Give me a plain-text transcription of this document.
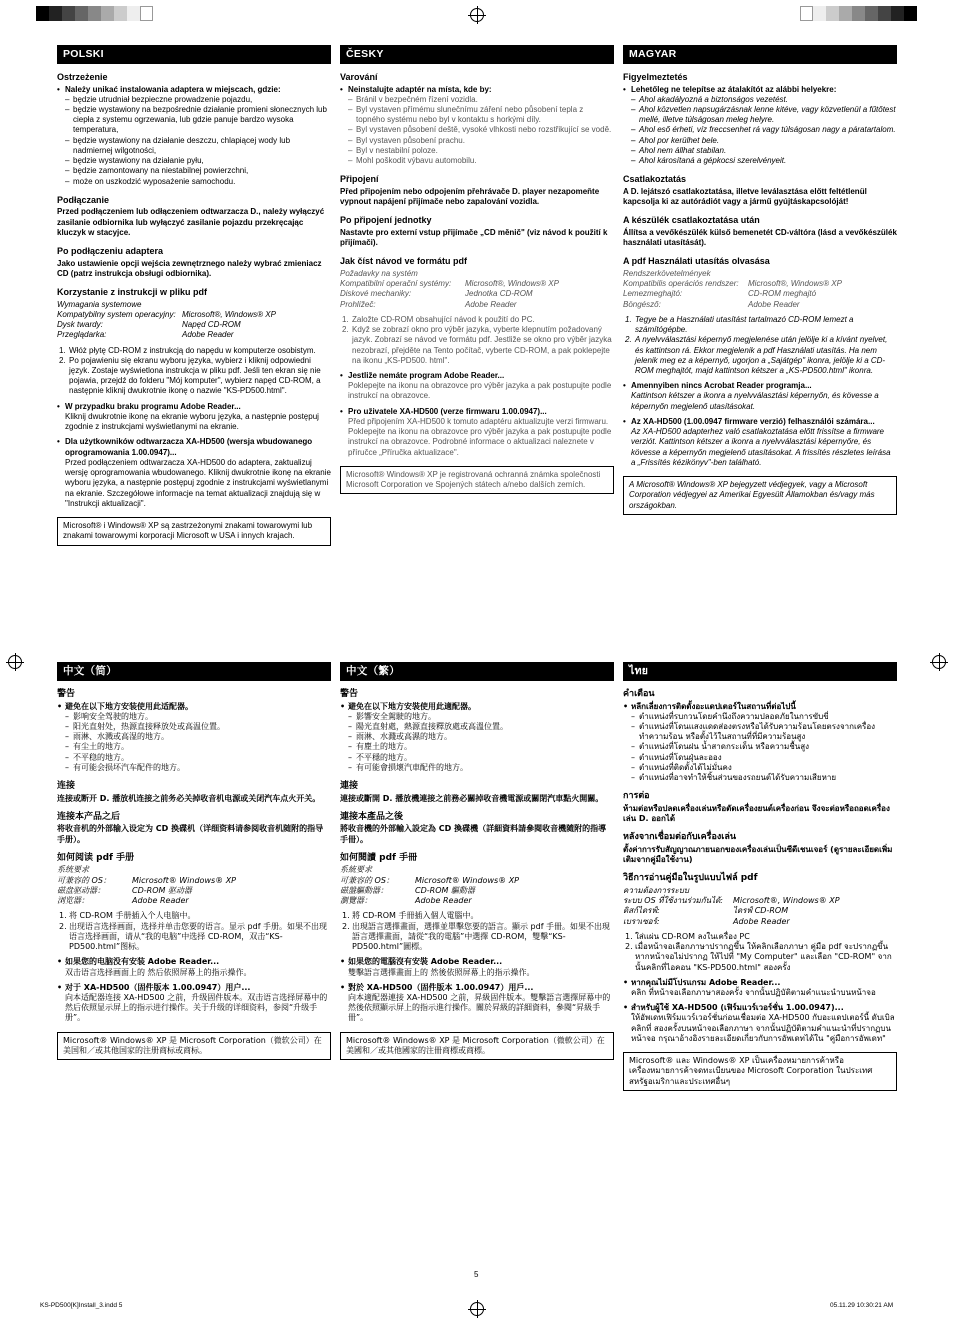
POLSKI
Ostrzeżenie
• Należy unikać instalowania adaptera w miejscach, gdzie:
– będzie utrudniał bezpieczne prowadzenie pojazdu,
– będzie wystawiony na bezpośrednie działanie promieni słonecznych lub ciepła z systemu ogrzewania, lub gdzie panuje bardzo wysoka temperatura,
– będzie wystawiony na działanie deszczu, chlapiącej wody lub nadmiernej wilgotności,
– będzie wystawiony na działanie pyłu,
– będzie zamontowany na niestabilnej powierzchni,
– może on uszkodzić wyposażenie samochodu.
Podłączanie
Przed podłączeniem lub odłączeniem odtwarzacza D., należy wyłączyć zasilanie odbiornika lub wyłączyć zasilanie pojazdu przekręcając kluczyk w stacyjce.
Po podłączeniu adaptera
Jako ustawienie opcji wejścia zewnętrznego należy wybrać zmieniacz CD (patrz instrukcja obsługi odbiornika).
Korzystanie z instrukcji w pliku pdf
Wymagania systemowe
Kompatybilny system operacyjny: Microsoft®, Windows® XP
Dysk twardy:	Napęd CD-ROM
Przeglądarka:	Adobe Reader
1. Włóż płytę CD-ROM z instrukcją do napędu w komputerze osobistym.
2. Po pojawieniu się ekranu wyboru języka, wybierz i kliknij odpowiedni język. Zostaje wyświetlona instrukcja w pliku pdf. Jeśli ten ekran się nie pojawia, przejdź do folderu "Mój komputer", wybierz napęd CD-ROM, a następnie kliknij dwukrotnie ikonę o nazwie "KS-PD500.html".
• W przypadku braku programu Adobe Reader...
Kliknij dwukrotnie ikonę na ekranie wyboru języka, a następnie postępuj zgodnie z instrukcjami wyświetlanymi na ekranie.
• Dla użytkowników odtwarzacza XA-HD500 (wersja wbudowanego oprogramowania 1.00.0947)...
Przed podłączeniem odtwarzacza XA-HD500 do adaptera, zaktualizuj wersję oprogramowania wbudowanego. Kliknij dwukrotnie ikonę na ekranie wyboru języka, a następnie postępuj zgodnie z instrukcjami wyświetlanymi na ekranie. Szczegółowe informacje na temat aktualizacji znajdują się w "Instrukcji aktualizacji".
Microsoft® i Windows® XP są zastrzeżonymi znakami towarowymi lub znakami towarowymi korporacji Microsoft w USA i innych krajach.
ČESKY
Varování
• Neinstalujte adaptér na místa, kde by:
– Bránil v bezpečném řízení vozidla.
– Byl vystaven přímému slunečnímu záření nebo působení tepla z topného systému nebo byl v kontaktu s horkými díly.
– Byl vystaven působení deště, vysoké vlhkosti nebo rozstřikující se vodě.
– Byl vystaven působení prachu.
– Byl v nestabilní poloze.
– Mohl poškodit výbavu automobilu.
Připojení
Před připojením nebo odpojením přehrávače D. player nezapomeňte vypnout napájení přijímače nebo zapalování vozidla.
Po připojení jednotky
Nastavte pro externí vstup přijímače „CD měnič" (viz návod k použití k přijímači).
Jak číst návod ve formátu pdf
Požadavky na systém
Kompatibilní operační systémy:	Microsoft®, Windows® XP
Diskové mechaniky:	Jednotka CD-ROM
Prohlížeč:	Adobe Reader
1. Založte CD-ROM obsahující návod k použití do PC.
2. Když se zobrazí okno pro výběr jazyka, vyberte klepnutím požadovaný jazyk. Zobrazí se návod ve formátu pdf. Jestliže se okno pro výběr jazyka nezobrazí, přejděte na Tento počítač, vyberte CD-ROM, a pak poklepejte na ikonu „KS-PD500. html".
• Jestliže nemáte program Adobe Reader...
Poklepejte na ikonu na obrazovce pro výběr jazyka a pak postupujte podle instrukcí na obrazovce.
• Pro uživatele XA-HD500 (verze firmwaru 1.00.0947)...
Před připojením XA-HD500 k tomuto adaptéru aktualizujte verzi firmwaru. Poklepejte na ikonu na obrazovce pro výběr jazyka a pak postupujte podle instrukcí na obrazovce. Podrobné informace o aktualizaci naleznete v příručce „Příručka aktualizace".
Microsoft® Windows® XP je registrovaná ochranná známka společnosti Microsoft Corporation ve Spojených státech a/nebo dalších zemích.
MAGYAR
Figyelmeztetés
• Lehetőleg ne telepítse az átalakítót az alábbi helyekre:
– Ahol akadályozná a biztonságos vezetést.
– Ahol közvetlen napsugárzásnak lenne kitéve, vagy közvetlenül a fűtőtest mellé, illetve túlságosan meleg helyre.
– Ahol eső érheti, víz freccsenhet rá vagy túlságosan nagy a páratartalom.
– Ahol por kerülhet bele.
– Ahol nem állhat stabilan.
– Ahol károsítaná a gépkocsi szerelvényeit.
Csatlakoztatás
A D. lejátszó csatlakoztatása, illetve leválasztása előtt feltétlenül kapcsolja ki az autórádiót vagy a jármű gyújtáskapcsolóját!
A készülék csatlakoztatása után
Állítsa a vevőkészülék külső bemenetét CD-váltóra (lásd a vevőkészülék használati utasítását).
A pdf Használati utasítás olvasása
Rendszerkövetelmények
Kompatibilis operációs rendszer:	Microsoft®, Windows® XP
Lemezmeghajtó:	CD-ROM meghajtó
Böngésző:	Adobe Reader
1. Tegye be a Használati utasítást tartalmazó CD-ROM lemezt a számítógépbe.
2. A nyelvválasztási képernyő megjelenése után jelölje ki a kívánt nyelvet, és kattintson rá. Ekkor megjelenik a pdf Használati utasítás. Ha nem jelenik meg ez a képernyő, ugorjon a „Sajátgép" ikonra, jelölje ki a CD-ROM meghajtót, majd kattintson kétszer a „KS-PD500.html" ikonra.
• Amennyiben nincs Acrobat Reader programja...
Kattintson kétszer a ikonra a nyelvválasztási képernyőn, és kövesse a képernyőn megjelenő utasításokat.
• Az XA-HD500 (1.00.0947 firmware verzió) felhasználói számára...
Az XA-HD500 adapterhez való csatlakoztatása előtt frissítse a firmware verziót. Kattintson kétszer a ikonra a nyelvválasztási képernyőre, és kövesse a képernyőn megjelenő utasításokat. A frissítés részletes leírása a „Frissítés kézikönyv"-ben található.
A Microsoft® Windows® XP bejegyzett védjegyek, vagy a Microsoft Corporation védjegyei az Amerikai Egyesült Államokban és/vagy más országokban.
中文（简）
警告
• 避免在以下地方安装使用此适配器。
– 影响安全驾驶的地方。
– 阳光直射处，热源直接释放处或高温位置。
– 雨淋、水溅或高湿的地方。
– 有尘土的地方。
– 不平稳的地方。
– 有可能会损坏汽车配件的地方。
连接
连接或断开 D. 播放机连接之前务必关掉收音机电源或关闭汽车点火开关。
连接本产品之后
将收音机的外部输入设定为 CD 换碟机（详细资料请参阅收音机随附的指导手册）。
如何阅读 pdf 手册
系统要求
可兼容的 OS：	Microsoft® Windows® XP
磁盘驱动器：	CD-ROM 驱动器
浏览器：	Adobe Reader
1. 将 CD-ROM 手册插入个人电脑中。
2. 出现语言选择画面，选择并单击您要的语言。显示 pdf 手册。如果不出现语言选择画面，请从“我的电脑”中选择 CD-ROM，双击“KS-PD500.html”图标。
• 如果您的电脑没有安装 Adobe Reader...
双击语言选择画面上的 然后依照屏幕上的指示操作。
• 对于 XA-HD500（固件版本 1.00.0947）用户...
向本适配器连接 XA-HD500 之前，升级固件版本。双击语言选择屏幕中的 然后依照显示屏上的指示进行操作。关于升级的详细资料，参阅“升级手册”。
Microsoft® Windows® XP 是 Microsoft Corporation（微软公司）在美国和／或其他国家的注册商标或商标。
中文（繁）
警告
• 避免在以下地方安裝使用此適配器。
– 影響安全駕駛的地方。
– 陽光直射處，熱源直接釋放處或高溫位置。
– 雨淋、水濺或高濕的地方。
– 有塵土的地方。
– 不平穩的地方。
– 有可能會損壞汽車配件的地方。
連接
連接或斷開 D. 播放機連接之前務必關掉收音機電源或關閉汽車點火開關。
連接本產品之後
將收音機的外部輸入設定為 CD 換碟機（詳細資料請參閱收音機隨附的指導手冊）。
如何閱讀 pdf 手冊
系統要求
可兼容的 OS：	Microsoft® Windows® XP
磁盤驅動器：	CD-ROM 驅動器
瀏覽器：	Adobe Reader
1. 將 CD-ROM 手冊插入個人電腦中。
2. 出現語言選擇畫面，選擇並單擊您要的語言。顯示 pdf 手冊。如果不出現語言選擇畫面，請從“我的電腦”中選擇 CD-ROM，雙擊“KS-PD500.html”圖標。
• 如果您的電腦沒有安裝 Adobe Reader...
雙擊語言選擇畫面上的 然後依照屏幕上的指示操作。
• 對於 XA-HD500（固件版本 1.00.0947）用戶...
向本適配器連接 XA-HD500 之前，昇級固件版本。雙擊語言選擇屏幕中的 然後依照顯示屏上的指示進行操作。關於昇級的詳細資料，參閱“昇級手冊”。
Microsoft® Windows® XP 是 Microsoft Corporation（微軟公司）在美國和／或其他國家的注冊商標或商標。
ไทย
คำเตือน
• หลีกเลี่ยงการติดตั้งอะแดปเตอร์ในสถานที่ต่อไปนี้
– ตำแหน่งที่รบกวนโดยคำนึงถึงความปลอดภัยในการขับขี่
– ตำแหน่งที่โดนแสงแดดส่องตรงหรือได้รับความร้อนโดยตรงจากเครื่องทำความร้อน หรือตั้งไว้ในสถานที่ที่มีความร้อนสูง
– ตำแหน่งที่โดนฝน น้ำสาดกระเด็น หรือความชื้นสูง
– ตำแหน่งที่โดนฝุ่นละออง
– ตำแหน่งที่ติดตั้งได้ไม่มั่นคง
– ตำแหน่งที่อาจทำให้ชิ้นส่วนของรถยนต์ได้รับความเสียหาย
การต่อ
ห้ามต่อหรือปลดเครื่องเล่นหรือตัดเครื่องยนต์เครื่องก่อน จึงจะต่อหรือถอดเครื่องเล่น D. ออกได้
หลังจากเชื่อมต่อกับเครื่องเล่น
ตั้งค่าการรับสัญญาณภายนอกของเครื่องเล่นเป็นซีดีเชนเจอร์ (ดูรายละเอียดเพิ่มเติมจากคู่มือใช้งาน)
วิธีการอ่านคู่มือในรูปแบบไฟล์ pdf
ความต้องการระบบ
ระบบ OS ที่ใช้งานร่วมกันได้:	Microsoft®, Windows® XP
ดิสก์ไดรฟ์:	ไดรฟ์ CD-ROM
เบราเซอร์:	Adobe Reader
1. ใส่แผ่น CD-ROM ลงในเครื่อง PC
2. เมื่อหน้าจอเลือกภาษาปรากฏขึ้น ให้คลิกเลือกภาษา คู่มือ pdf จะปรากฏขึ้น หากหน้าจอไม่ปรากฏ ให้ไปที่ "My Computer" และเลือก "CD-ROM" จากนั้นคลิกที่ไอคอน "KS-PD500.html" สองครั้ง
• หากคุณไม่มีโปรแกรม Adobe Reader...
คลิก ที่หน้าจอเลือกภาษาสองครั้ง จากนั้นปฏิบัติตามคำแนะนำบนหน้าจอ
• สำหรับผู้ใช้ XA-HD500 (เฟิร์มแวร์เวอร์ชั่น 1.00.0947)...
ให้อัพเดทเฟิร์มแวร์เวอร์ชั่นก่อนเชื่อมต่อ XA-HD500 กับอะแดปเตอร์นี้ ดับเบิล คลิกที่ สองครั้งบนหน้าจอเลือกภาษา จากนั้นปฏิบัติตามคำแนะนำที่ปรากฏบนหน้าจอ กรุณาอ้างอิงรายละเอียดเกี่ยวกับการอัพเดทได้ใน "คู่มือการอัพเดท"
Microsoft® และ Windows® XP เป็นเครื่องหมายการค้าหรือเครื่องหมายการค้าจดทะเบียนของ Microsoft Corporation ในประเทศสหรัฐอเมริกาและประเทศอื่นๆ
5
KS-PD500[K]Install_3.indd 5	05.11.29 10:30:21 AM
